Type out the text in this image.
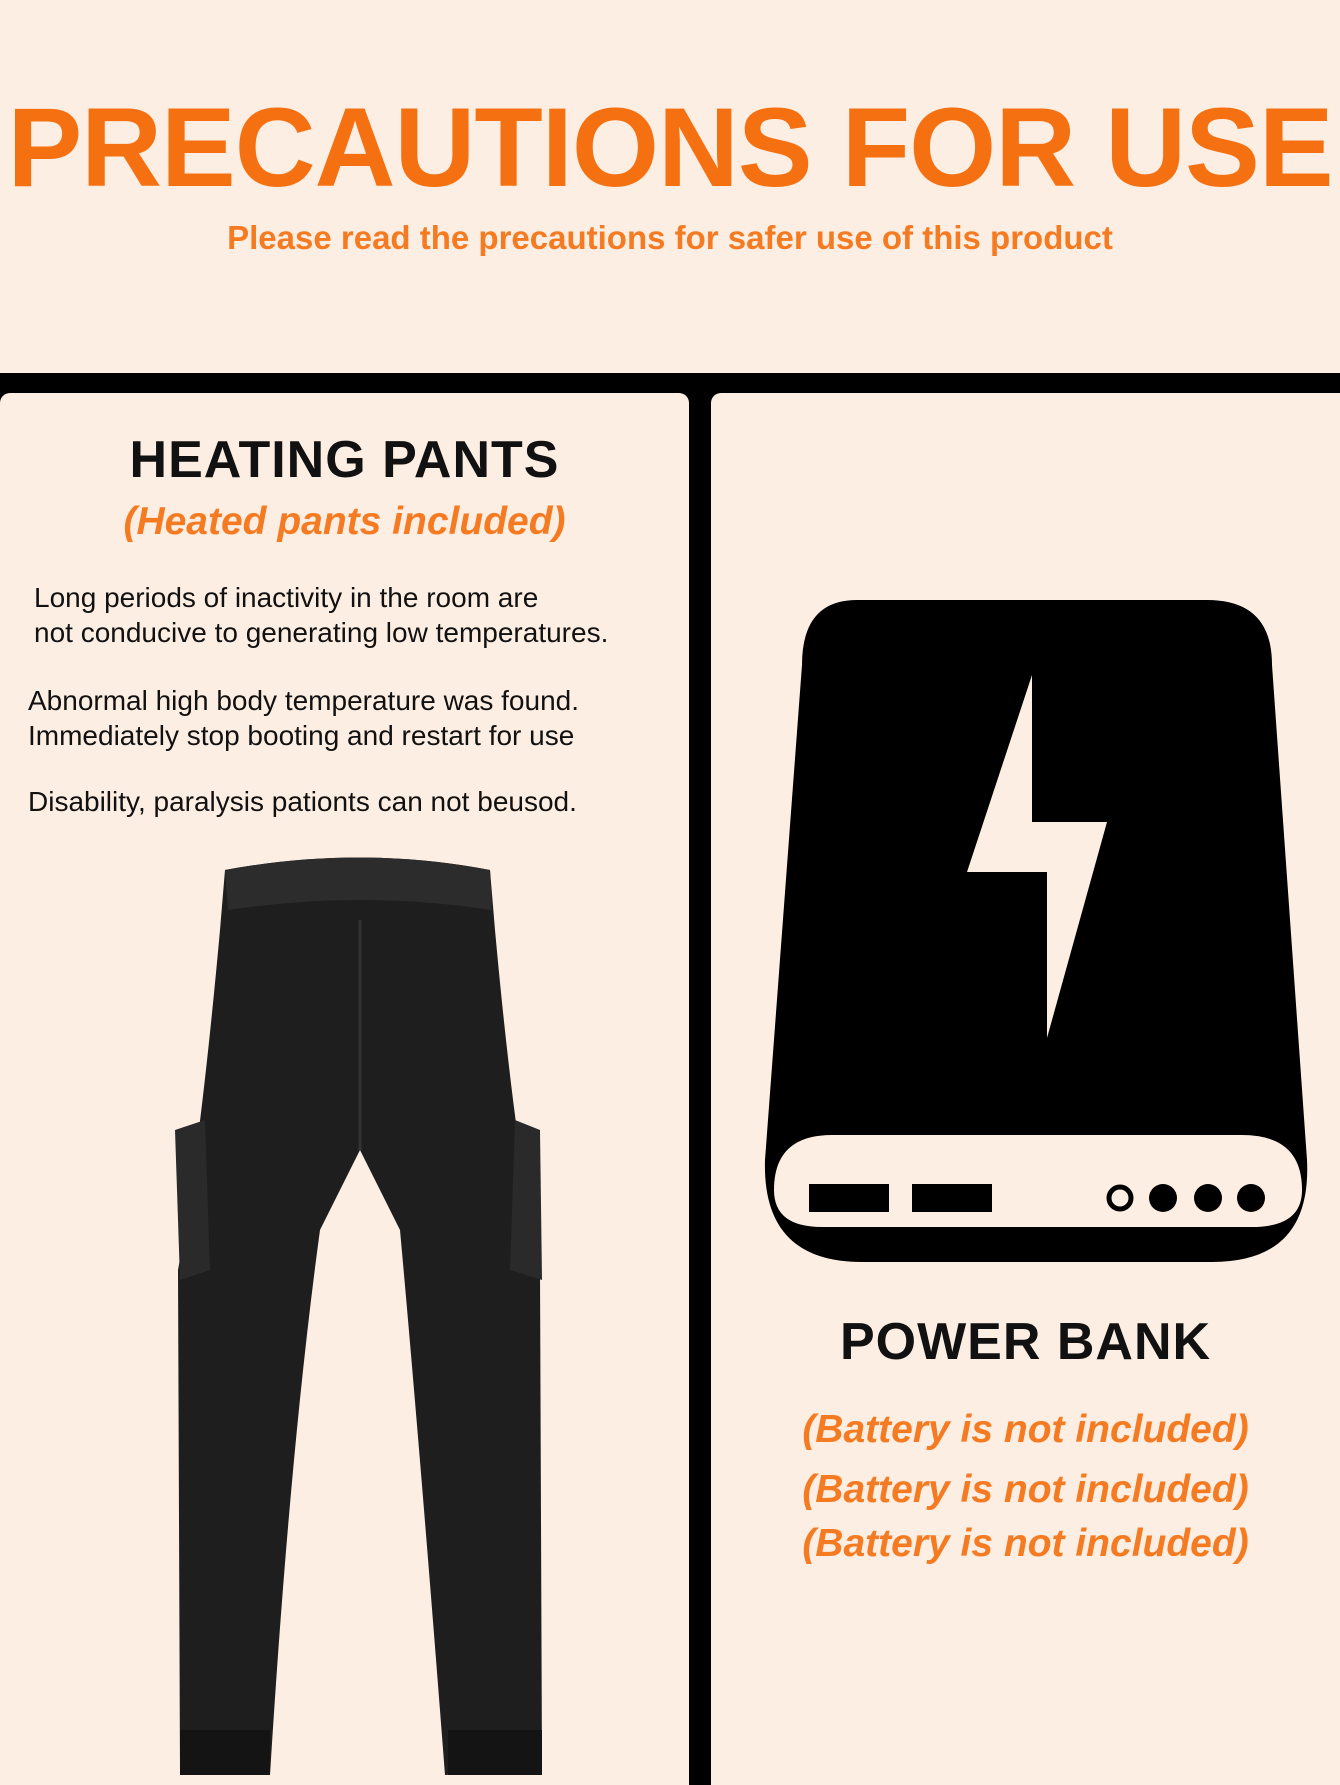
PRECAUTIONS FOR USE
Please read the precautions for safer use of this product
HEATING PANTS
(Heated pants included)
Long periods of inactivity in the room are
not conducive to generating low temperatures.
Abnormal high body temperature was found.
Immediately stop booting and restart for use
Disability, paralysis pationts can not beusod.
POWER BANK
(Battery is not included)
(Battery is not included)
(Battery is not included)
